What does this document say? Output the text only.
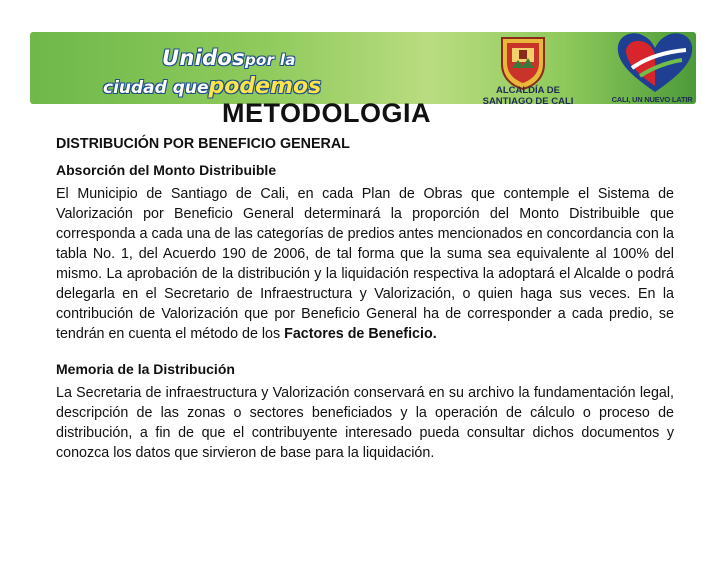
Unidospor la
ciudad quepodemos	ALCALDÍA DE
SANTIAGO DE CALI	CALI, UN NUEVO LATIR
METODOLOGIA
DISTRIBUCIÓN POR BENEFICIO GENERAL
Absorción del Monto Distribuible

El Municipio de Santiago de Cali, en cada Plan de Obras que contemple el Sistema de Valorización por Beneficio General determinará la proporción del Monto Distribuible que corresponda a cada una de las categorías de predios antes mencionados en concordancia con la tabla No. 1, del Acuerdo 190 de 2006, de tal forma que la suma sea equivalente al 100% del mismo. La aprobación de la distribución y la liquidación respectiva la adoptará el Alcalde o podrá delegarla en el Secretario de Infraestructura y Valorización, o quien haga sus veces. En la contribución de Valorización que por Beneficio General ha de corresponder a cada predio, se tendrán en cuenta el método de los Factores de Beneficio.

Memoria de la Distribución

La Secretaria de infraestructura y Valorización conservará en su archivo la fundamentación legal, descripción de las zonas o sectores beneficiados y la operación de cálculo o proceso de distribución, a fin de que el contribuyente interesado pueda consultar dichos documentos y conozca los datos que sirvieron de base para la liquidación.
